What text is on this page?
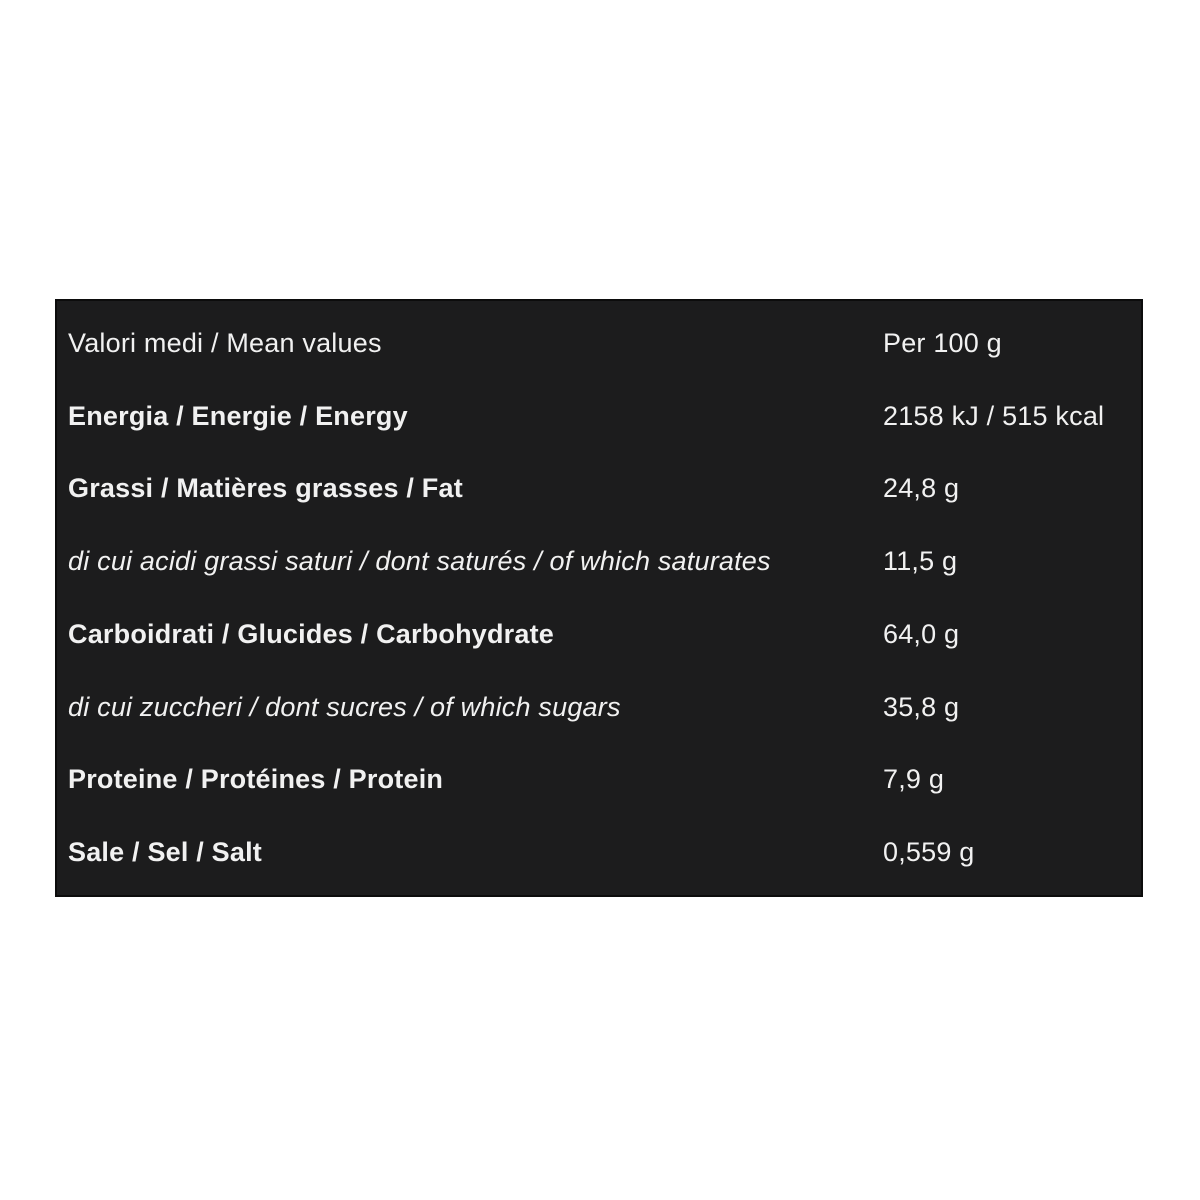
Valori medi / Mean values	Per 100 g
Energia / Energie / Energy	2158 kJ / 515 kcal
Grassi / Matières grasses / Fat	24,8 g
di cui acidi grassi saturi / dont saturés / of which saturates	11,5 g
Carboidrati / Glucides / Carbohydrate	64,0 g
di cui zuccheri / dont sucres / of which sugars	35,8 g
Proteine / Protéines / Protein	7,9 g
Sale / Sel / Salt	0,559 g
